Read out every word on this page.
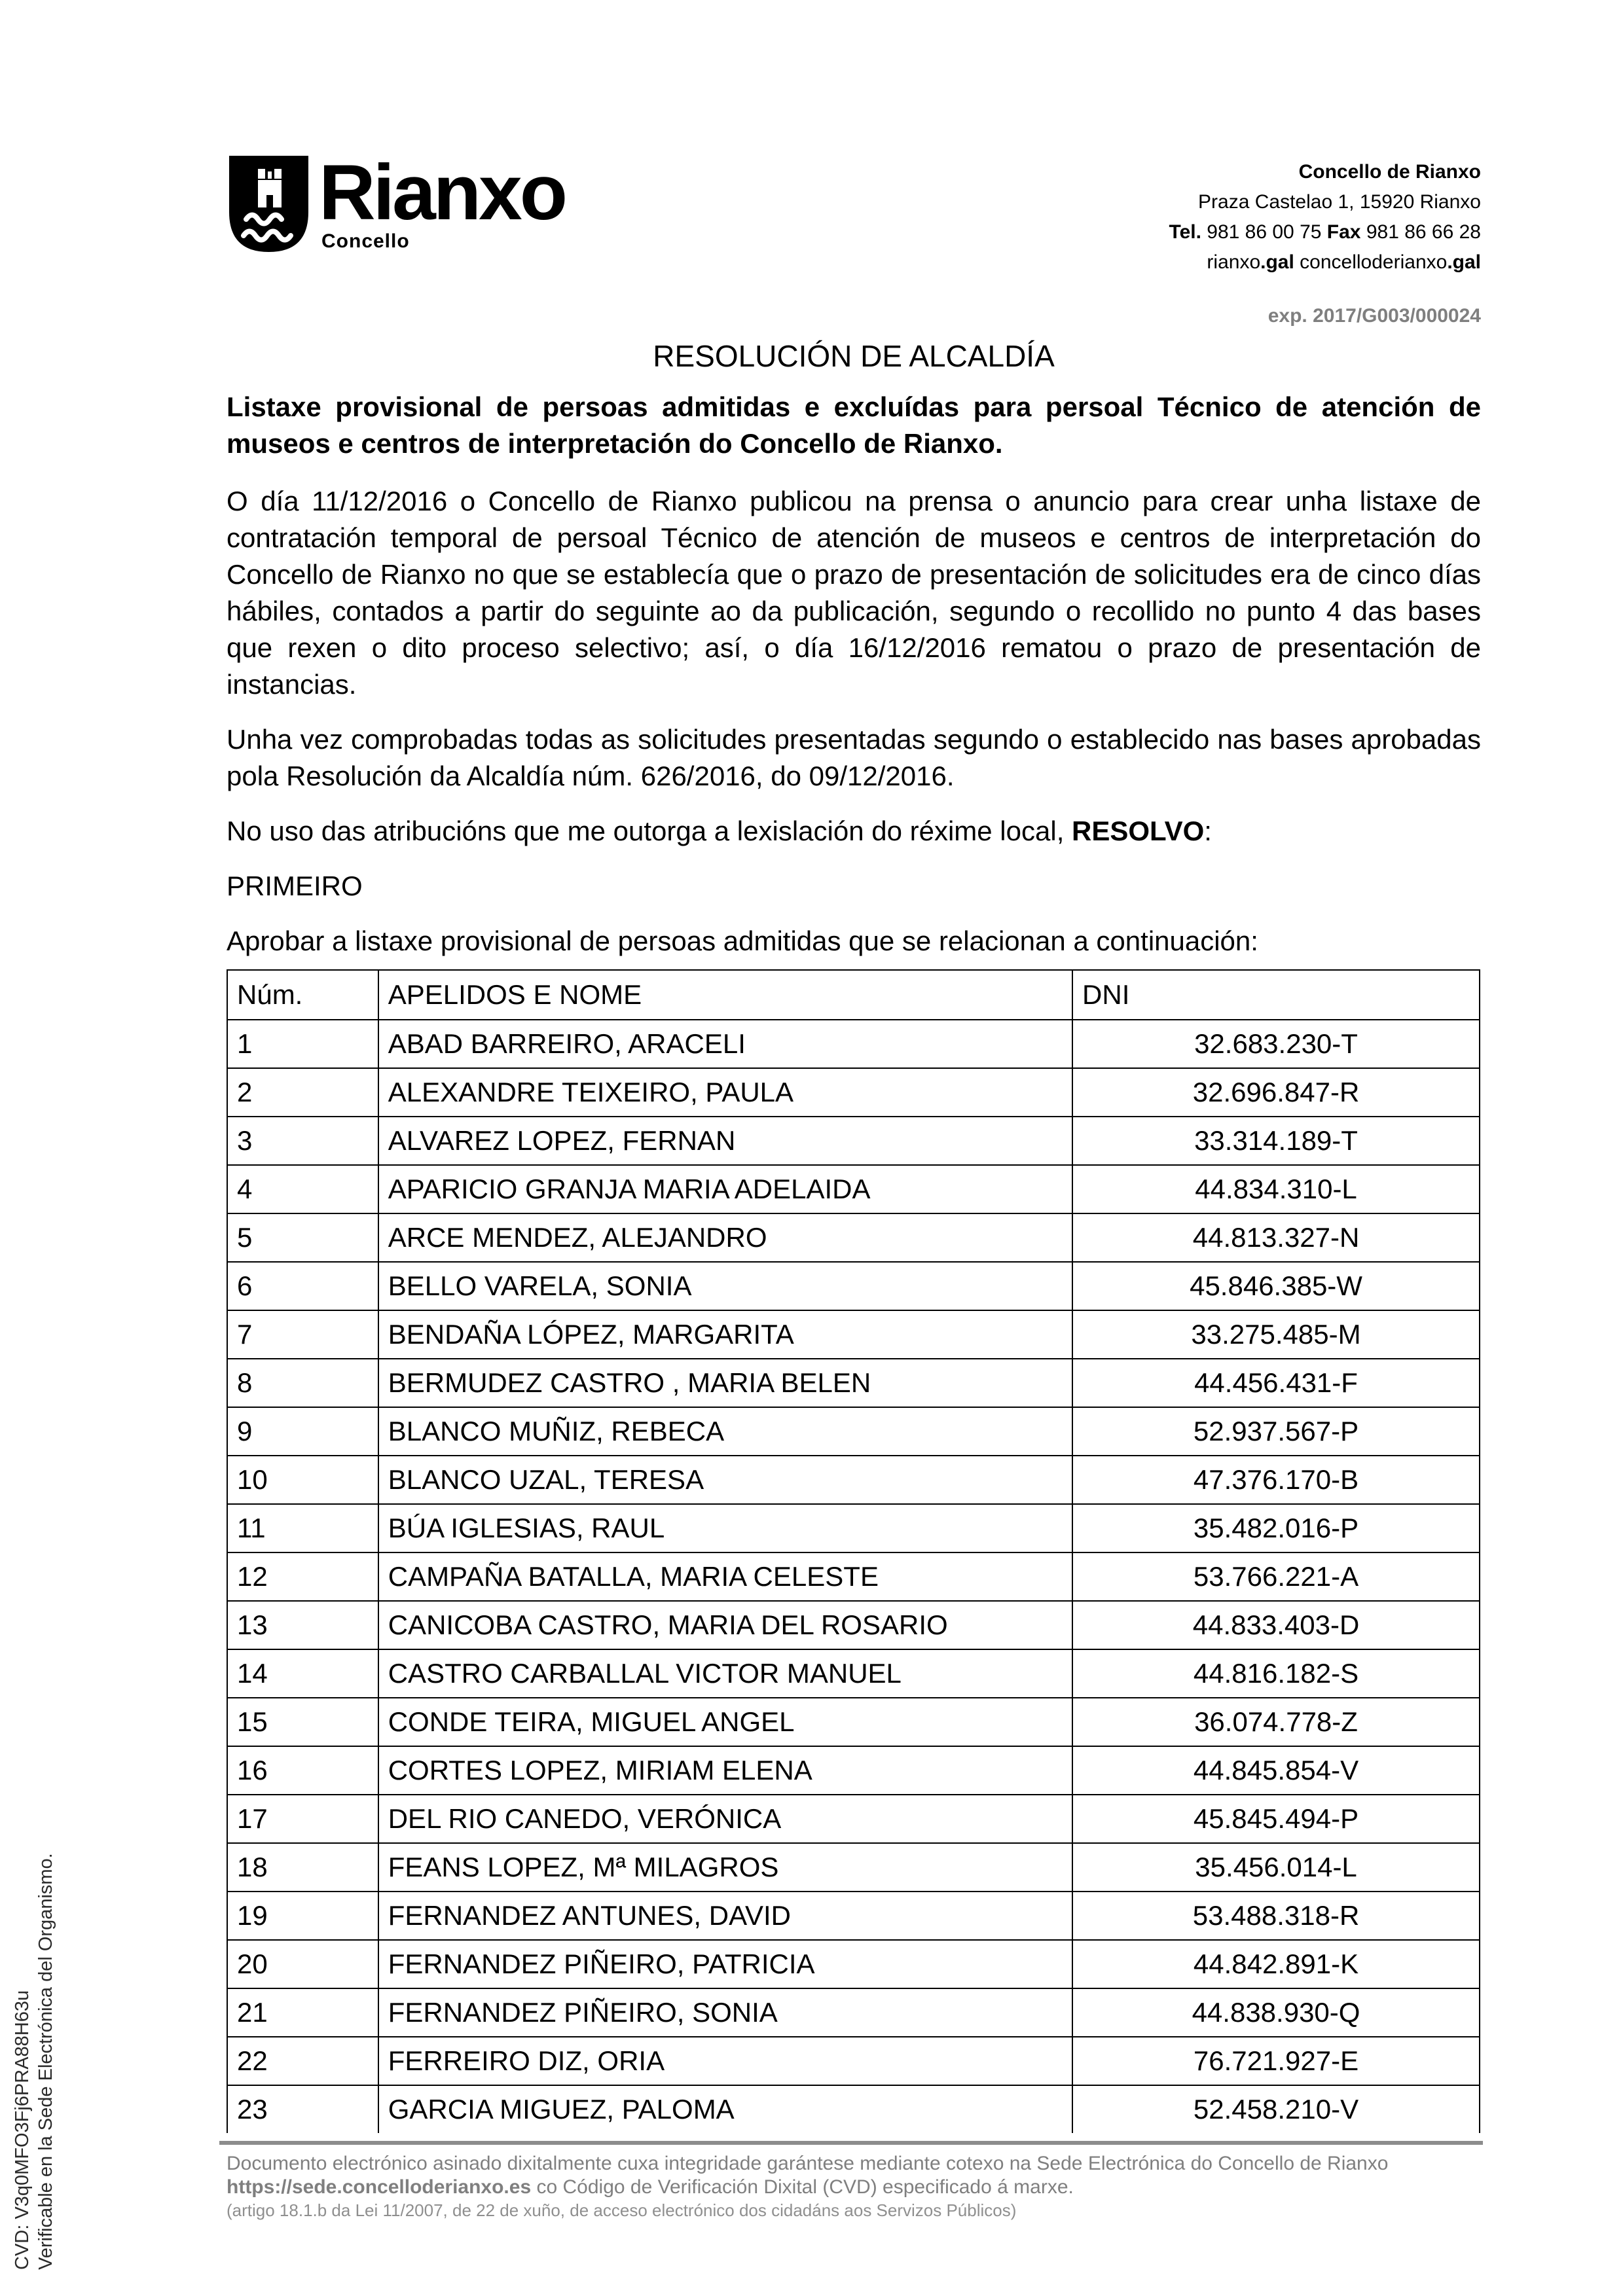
Rianxo
Concello
Concello de Rianxo
Praza Castelao 1, 15920 Rianxo
Tel. 981 86 00 75 Fax 981 86 66 28
rianxo.gal concelloderianxo.gal
exp. 2017/G003/000024
RESOLUCIÓN DE ALCALDÍA

Listaxe provisional de persoas admitidas e excluídas para persoal Técnico de atención de museos e centros de interpretación do Concello de Rianxo.

O día 11/12/2016 o Concello de Rianxo publicou na prensa o anuncio para crear unha listaxe de contratación temporal de persoal Técnico de atención de museos e centros de interpretación do Concello de Rianxo no que se establecía que o prazo de presentación de solicitudes era de cinco días hábiles, contados a partir do seguinte ao da publicación, segundo o recollido no punto 4 das bases que rexen o dito proceso selectivo; así, o día 16/12/2016 rematou o prazo de presentación de instancias.

Unha vez comprobadas todas as solicitudes presentadas segundo o establecido nas bases aprobadas pola Resolución da Alcaldía núm. 626/2016, do 09/12/2016.

No uso das atribucións que me outorga a lexislación do réxime local, RESOLVO:

PRIMEIRO

Aprobar a listaxe provisional de persoas admitidas que se relacionan a continuación:

Núm.	APELIDOS E NOME	DNI
1	ABAD BARREIRO, ARACELI	32.683.230-T
2	ALEXANDRE TEIXEIRO, PAULA	32.696.847-R
3	ALVAREZ LOPEZ, FERNAN	33.314.189-T
4	APARICIO GRANJA MARIA ADELAIDA	44.834.310-L
5	ARCE MENDEZ, ALEJANDRO	44.813.327-N
6	BELLO VARELA, SONIA	45.846.385-W
7	BENDAÑA LÓPEZ, MARGARITA	33.275.485-M
8	BERMUDEZ CASTRO , MARIA BELEN	44.456.431-F
9	BLANCO MUÑIZ, REBECA	52.937.567-P
10	BLANCO UZAL, TERESA	47.376.170-B
11	BÚA IGLESIAS, RAUL	35.482.016-P
12	CAMPAÑA BATALLA, MARIA CELESTE	53.766.221-A
13	CANICOBA CASTRO, MARIA DEL ROSARIO	44.833.403-D
14	CASTRO CARBALLAL VICTOR MANUEL	44.816.182-S
15	CONDE TEIRA, MIGUEL ANGEL	36.074.778-Z
16	CORTES LOPEZ, MIRIAM ELENA	44.845.854-V
17	DEL RIO CANEDO, VERÓNICA	45.845.494-P
18	FEANS LOPEZ, Mª MILAGROS	35.456.014-L
19	FERNANDEZ ANTUNES, DAVID	53.488.318-R
20	FERNANDEZ PIÑEIRO, PATRICIA	44.842.891-K
21	FERNANDEZ PIÑEIRO, SONIA	44.838.930-Q
22	FERREIRO DIZ, ORIA	76.721.927-E
23	GARCIA MIGUEZ, PALOMA	52.458.210-V
Documento electrónico asinado dixitalmente cuxa integridade garántese mediante cotexo na Sede Electrónica do Concello de Rianxo
https://sede.concelloderianxo.es co Código de Verificación Dixital (CVD) especificado á marxe.
(artigo 18.1.b da Lei 11/2007, de 22 de xuño, de acceso electrónico dos cidadáns aos Servizos Públicos)
CVD: V3q0MFO3Fj6PRA88H63u Verificable en la Sede Electrónica del Organismo.
